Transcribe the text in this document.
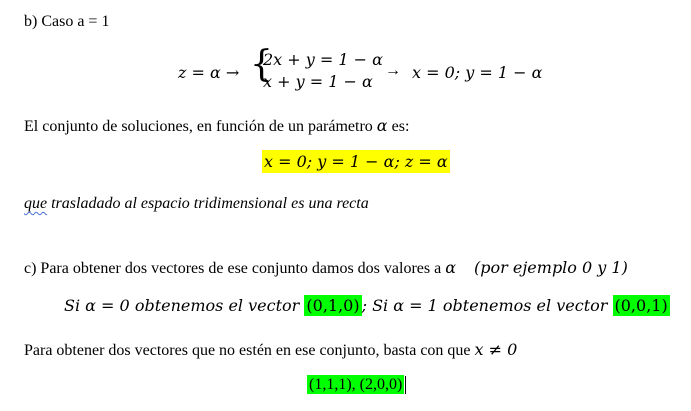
b) Caso a = 1
z = α → {
2x + y = 1 − α
x + y = 1 − α
→ x = 0; y = 1 − α
El conjunto de soluciones, en función de un parámetro α es:
x = 0; y = 1 − α; z = α
que trasladado al espacio tridimensional es una recta
c) Para obtener dos vectores de ese conjunto damos dos valores a α (por ejemplo 0 y 1)
Si α = 0 obtenemos el vector (0,1,0) ; Si α = 1 obtenemos el vector (0,0,1)
Para obtener dos vectores que no estén en ese conjunto, basta con que x ≠ 0
(1,1,1), (2,0,0)
